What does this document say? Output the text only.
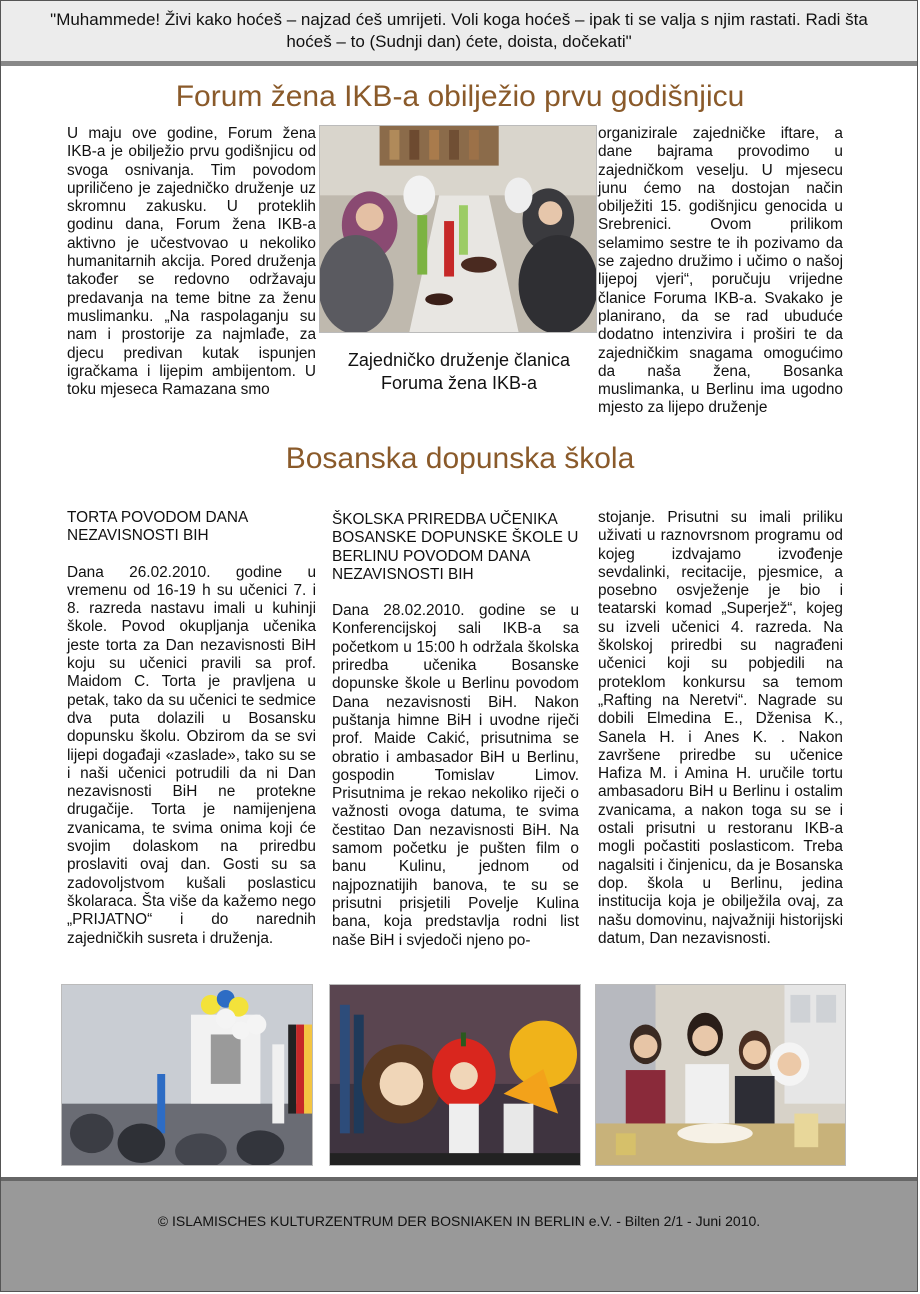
"Muhammede! Živi kako hoćeš – najzad ćeš umrijeti. Voli koga hoćeš – ipak ti se valja s njim rastati. Radi šta hoćeš – to (Sudnji dan) ćete, doista, dočekati"
Forum žena IKB-a obilježio prvu godišnjicu

U maju ove godine, Forum žena IKB-a je obilježio prvu godišnjicu od svoga osnivanja. Tim povodom upriličeno je zajedničko druženje uz skromnu zakusku. U proteklih godinu dana, Forum žena IKB-a aktivno je učestvovao u nekoliko humanitarnih akcija. Pored druženja također se redovno održavaju predavanja na teme bitne za ženu muslimanku. „Na raspolaganju su nam i prostorije za najmlađe, za djecu predivan kutak ispunjen igračkama i lijepim ambijentom. U toku mjeseca Ramazana smo

Zajedničko druženje članica Foruma žena IKB-a

organizirale zajedničke iftare, a dane bajrama provodimo u zajedničkom veselju. U mjesecu junu ćemo na dostojan način obilježiti 15. godišnjicu genocida u Srebrenici. Ovom prilikom selamimo sestre te ih pozivamo da se zajedno družimo i učimo o našoj lijepoj vjeri“, poručuju vrijedne članice Foruma IKB-a. Svakako je planirano, da se rad ubuduće dodatno intenzivira i proširi te da zajedničkim snagama omogućimo da naša žena, Bosanka muslimanka, u Berlinu ima ugodno mjesto za lijepo druženje

Bosanska dopunska škola

TORTA POVODOM DANA NEZAVISNOSTI BIH

Dana 26.02.2010. godine u vremenu od 16-19 h su učenici 7. i 8. razreda nastavu imali u kuhinji škole. Povod okupljanja učenika jeste torta za Dan nezavisnosti BiH koju su učenici pravili sa prof. Maidom C. Torta je pravljena u petak, tako da su učenici te sedmice dva puta dolazili u Bosansku dopunsku školu. Obzirom da se svi lijepi događaji «zaslade», tako su se i naši učenici potrudili da ni Dan nezavisnosti BiH ne protekne drugačije. Torta je namijenjena zvanicama, te svima onima koji će svojim dolaskom na priredbu proslaviti ovaj dan. Gosti su sa zadovoljstvom kušali poslasticu školaraca. Šta više da kažemo nego „PRIJATNO“ i do narednih zajedničkih susreta i druženja.

ŠKOLSKA PRIREDBA UČENIKA BOSANSKE DOPUNSKE ŠKOLE U BERLINU POVODOM DANA NEZAVISNOSTI BIH

Dana 28.02.2010. godine se u Konferencijskoj sali IKB-a sa početkom u 15:00 h održala školska priredba učenika Bosanske dopunske škole u Berlinu povodom Dana nezavisnosti BiH. Nakon puštanja himne BiH i uvodne riječi prof. Maide Cakić, prisutnima se obratio i ambasador BiH u Berlinu, gospodin Tomislav Limov. Prisutnima je rekao nekoliko riječi o važnosti ovoga datuma, te svima čestitao Dan nezavisnosti BiH. Na samom početku je pušten film o banu Kulinu, jednom od najpoznatijih banova, te su se prisutni prisjetili Povelje Kulina bana, koja predstavlja rodni list naše BiH i svjedoči njeno po-

stojanje. Prisutni su imali priliku uživati u raznovrsnom programu od kojeg izdvajamo izvođenje sevdalinki, recitacije, pjesmice, a posebno osvježenje je bio i teatarski komad „Superjež“, kojeg su izveli učenici 4. razreda. Na školskoj priredbi su nagrađeni učenici koji su pobjedili na proteklom konkursu sa temom „Rafting na Neretvi“. Nagrade su dobili Elmedina E., Dženisa K., Sanela H. i Anes K. . Nakon završene priredbe su učenice Hafiza M. i Amina H. uručile tortu ambasadoru BiH u Berlinu i ostalim zvanicama, a nakon toga su se i ostali prisutni u restoranu IKB-a mogli počastiti poslasticom. Treba nagalsiti i činjenicu, da je Bosanska dop. škola u Berlinu, jedina institucija koja je obilježila ovaj, za našu domovinu, najvažniji historijski datum, Dan nezavisnosti.

© ISLAMISCHES KULTURZENTRUM DER BOSNIAKEN IN BERLIN e.V. - Bilten 2/1 - Juni 2010.
